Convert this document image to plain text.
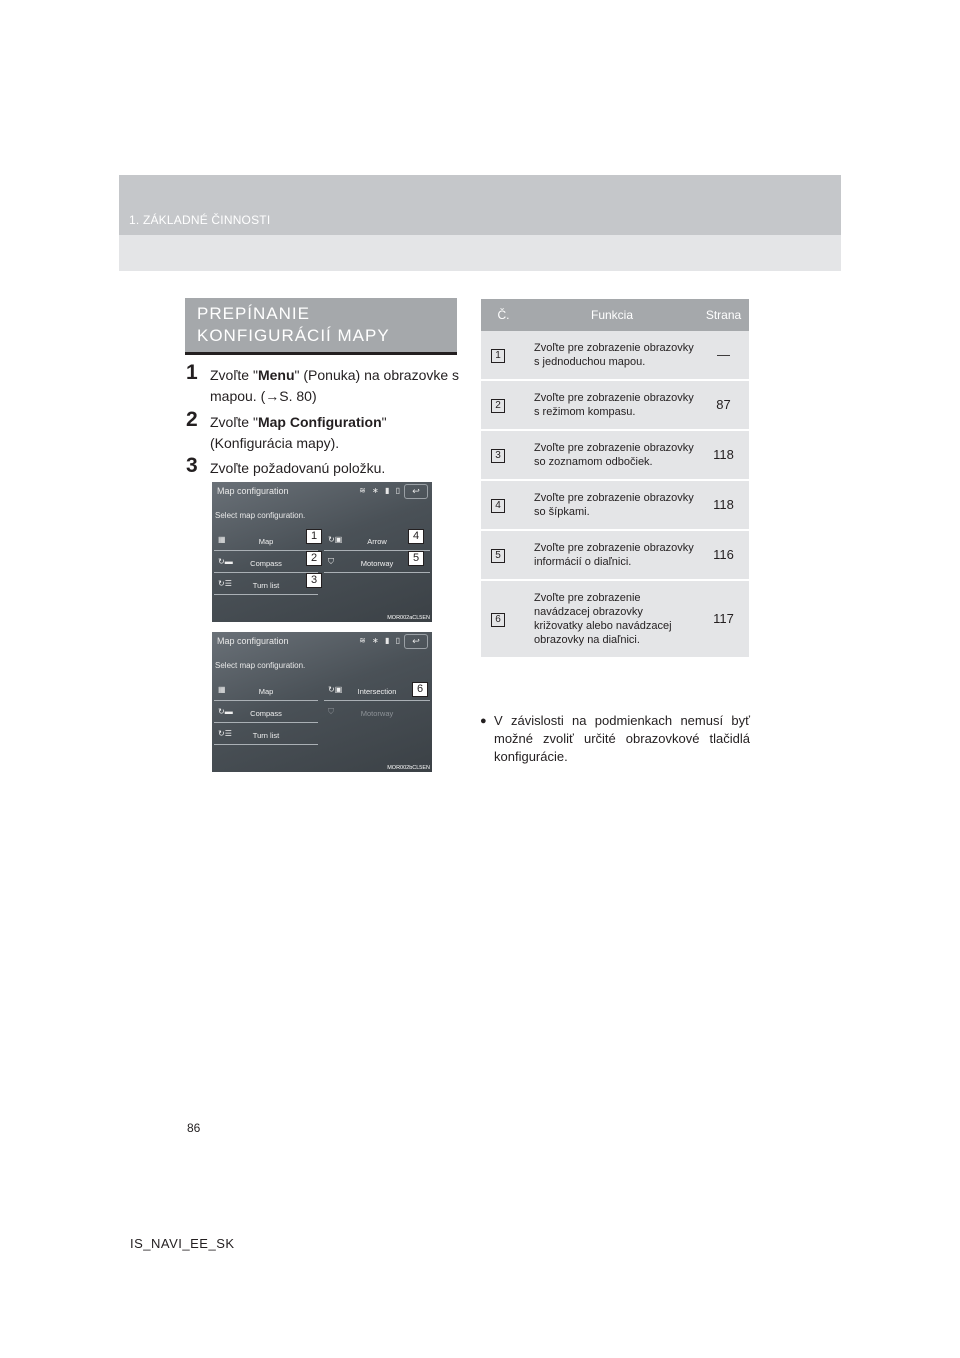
1. ZÁKLADNÉ ČINNOSTI
PREPÍNANIE KONFIGURÁCIÍ MAPY
1 Zvoľte "Menu" (Ponuka) na obrazovke s mapou. (→S. 80)
2 Zvoľte "Map Configuration" (Konfigurácia mapy).
3 Zvoľte požadovanú položku.
Map configuration	≋ ∗ ▮ ▯	↩
Select map configuration.
▦	Map	↻▣	Arrow
↻▬	Compass	⛉	Motorway
↻☰	Turn list
1	4
2	5
3
MOR002aCL5EN
Map configuration	≋ ∗ ▮ ▯	↩
Select map configuration.
▦	Map	↻▣	Intersection
↻▬	Compass	⛉	Motorway
↻☰	Turn list
6
MOR002bCL5EN
Č.	Funkcia	Strana
1	Zvoľte pre zobrazenie obrazovky s jednoduchou mapou.	—
2	Zvoľte pre zobrazenie obrazovky s režimom kompasu.	87
3	Zvoľte pre zobrazenie obrazovky so zoznamom odbočiek.	118
4	Zvoľte pre zobrazenie obrazovky so šípkami.	118
5	Zvoľte pre zobrazenie obrazovky informácií o diaľnici.	116
6	Zvoľte pre zobrazenie navádzacej obrazovky križovatky alebo navádzacej obrazovky na diaľnici.	117
● V závislosti na podmienkach nemusí byť možné zvoliť určité obrazovkové tlačidlá konfigurácie.
86
IS_NAVI_EE_SK
